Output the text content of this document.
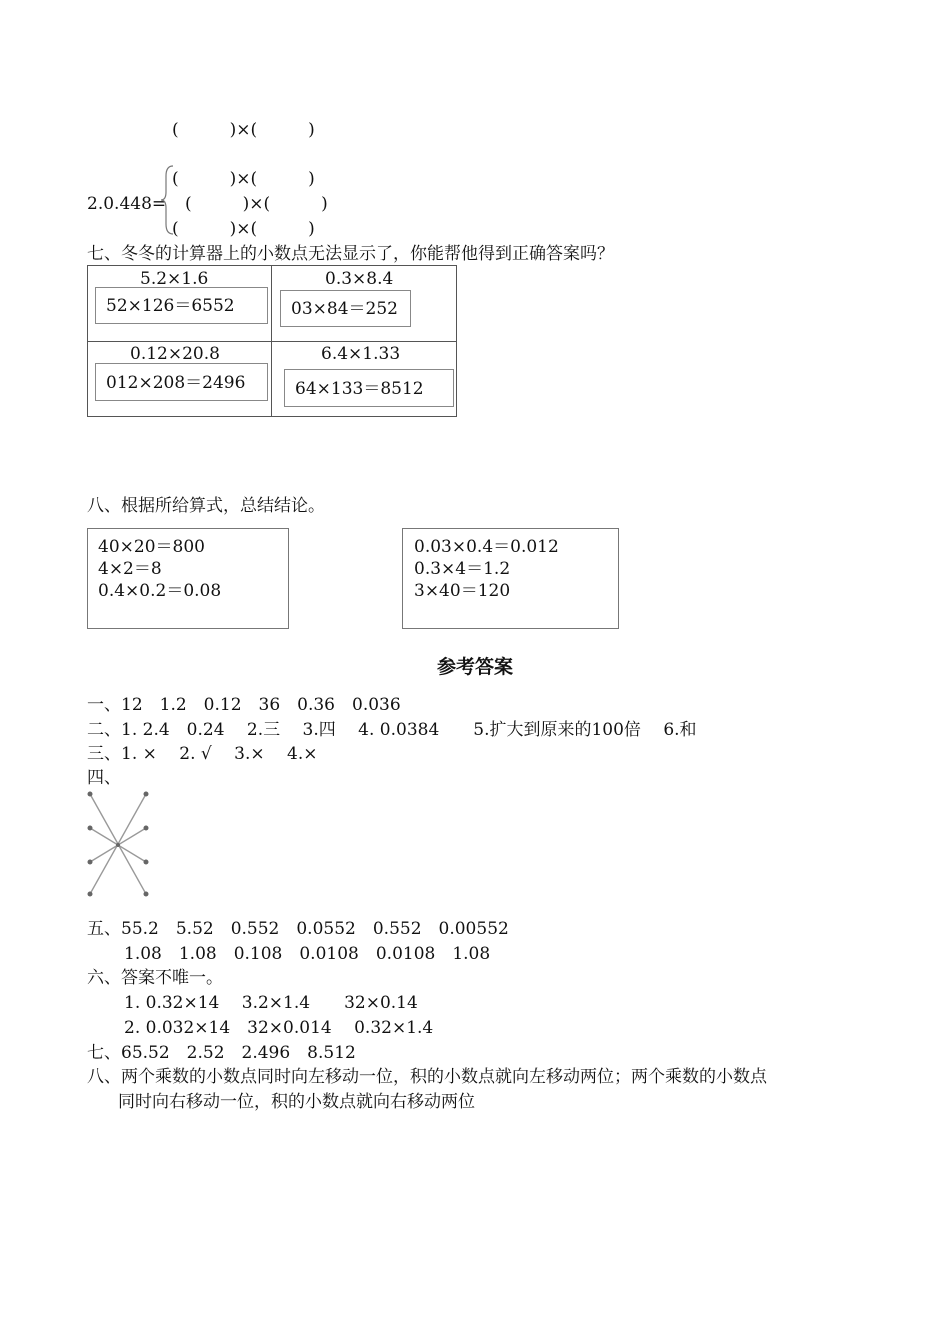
(　　　)×(　　　)
(　　　)×(　　　)
2.0.448= (　　　)×(　　　)
(　　　)×(　　　)
七、冬冬的计算器上的小数点无法显示了，你能帮他得到正确答案吗？
5.2×1.6
52×126＝6552
0.3×8.4
03×84＝252
0.12×20.8
012×208＝2496
6.4×1.33
64×133＝8512
八、根据所给算式，总结结论。
40×20＝800
4×2＝8
0.4×0.2＝0.08
0.03×0.4＝0.012
0.3×4＝1.2
3×40＝120
参考答案
一、12　1.2　0.12　36　0.36　0.036
二、1. 2.4　0.24　 2.三　 3.四　 4. 0.0384　　5.扩大到原来的100倍　 6.和
三、1. ×　 2. √　 3.×　 4.×
四、
五、55.2　5.52　0.552　0.0552　0.552　0.00552
1.08　1.08　0.108　0.0108　0.0108　1.08
六、答案不唯一。
1. 0.32×14　 3.2×1.4　　32×0.14
2. 0.032×14　32×0.014　 0.32×1.4
七、65.52　2.52　2.496　8.512
八、两个乘数的小数点同时向左移动一位，积的小数点就向左移动两位；两个乘数的小数点
同时向右移动一位，积的小数点就向右移动两位
